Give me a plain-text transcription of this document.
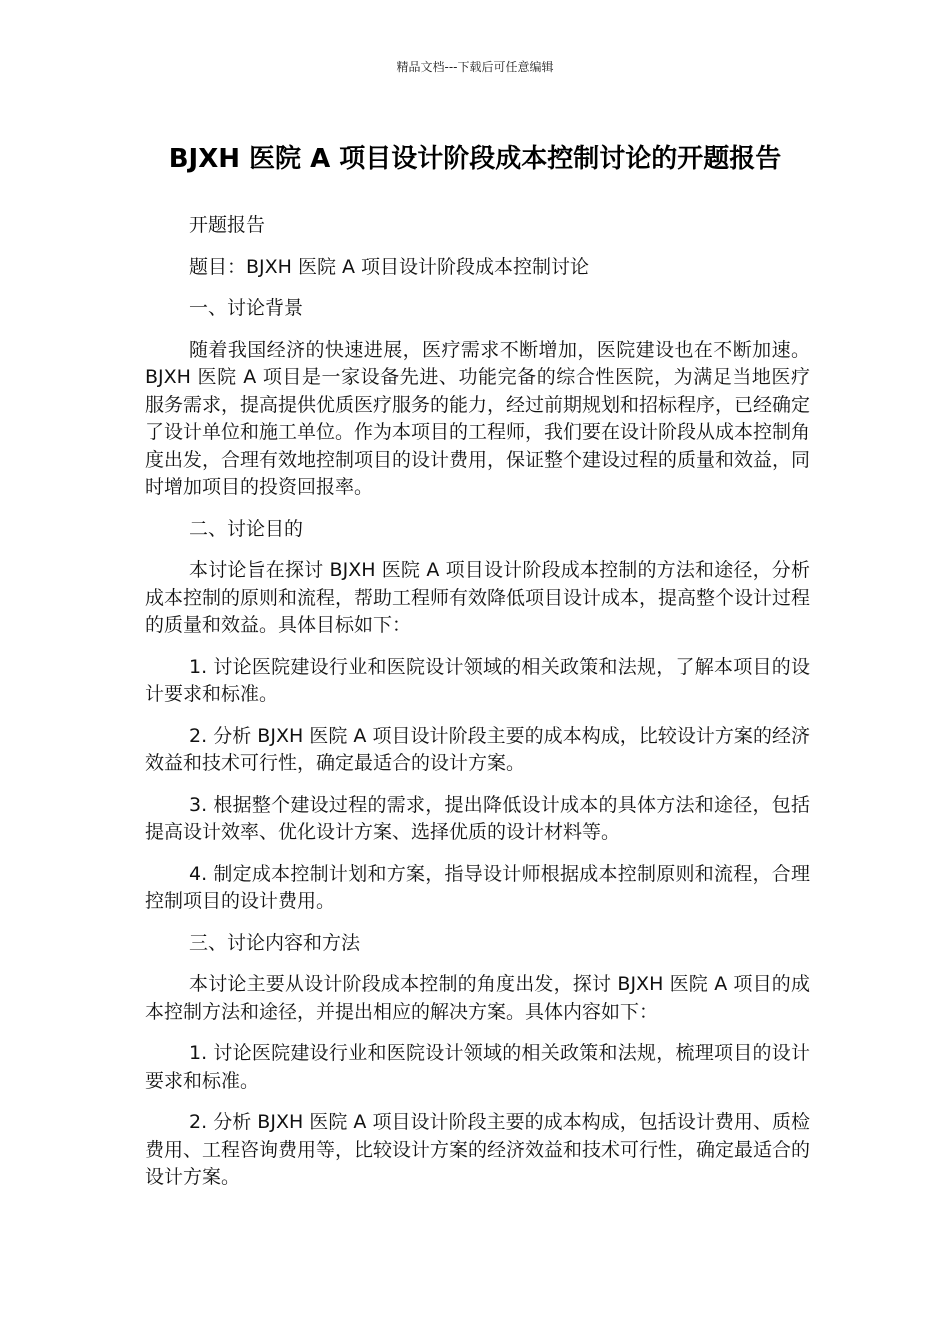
精品文档---下载后可任意编辑
BJXH 医院 A 项目设计阶段成本控制讨论的开题报告

开题报告

题目：BJXH 医院 A 项目设计阶段成本控制讨论

一、讨论背景

随着我国经济的快速进展，医疗需求不断增加，医院建设也在不断加速。BJXH 医院 A 项目是一家设备先进、功能完备的综合性医院，为满足当地医疗服务需求，提高提供优质医疗服务的能力，经过前期规划和招标程序，已经确定了设计单位和施工单位。作为本项目的工程师，我们要在设计阶段从成本控制角度出发，合理有效地控制项目的设计费用，保证整个建设过程的质量和效益，同时增加项目的投资回报率。

二、讨论目的

本讨论旨在探讨 BJXH 医院 A 项目设计阶段成本控制的方法和途径，分析成本控制的原则和流程，帮助工程师有效降低项目设计成本，提高整个设计过程的质量和效益。具体目标如下：

1. 讨论医院建设行业和医院设计领域的相关政策和法规，了解本项目的设计要求和标准。

2. 分析 BJXH 医院 A 项目设计阶段主要的成本构成，比较设计方案的经济效益和技术可行性，确定最适合的设计方案。

3. 根据整个建设过程的需求，提出降低设计成本的具体方法和途径，包括提高设计效率、优化设计方案、选择优质的设计材料等。

4. 制定成本控制计划和方案，指导设计师根据成本控制原则和流程，合理控制项目的设计费用。

三、讨论内容和方法

本讨论主要从设计阶段成本控制的角度出发，探讨 BJXH 医院 A 项目的成本控制方法和途径，并提出相应的解决方案。具体内容如下：

1. 讨论医院建设行业和医院设计领域的相关政策和法规，梳理项目的设计要求和标准。

2. 分析 BJXH 医院 A 项目设计阶段主要的成本构成，包括设计费用、质检费用、工程咨询费用等，比较设计方案的经济效益和技术可行性，确定最适合的设计方案。
